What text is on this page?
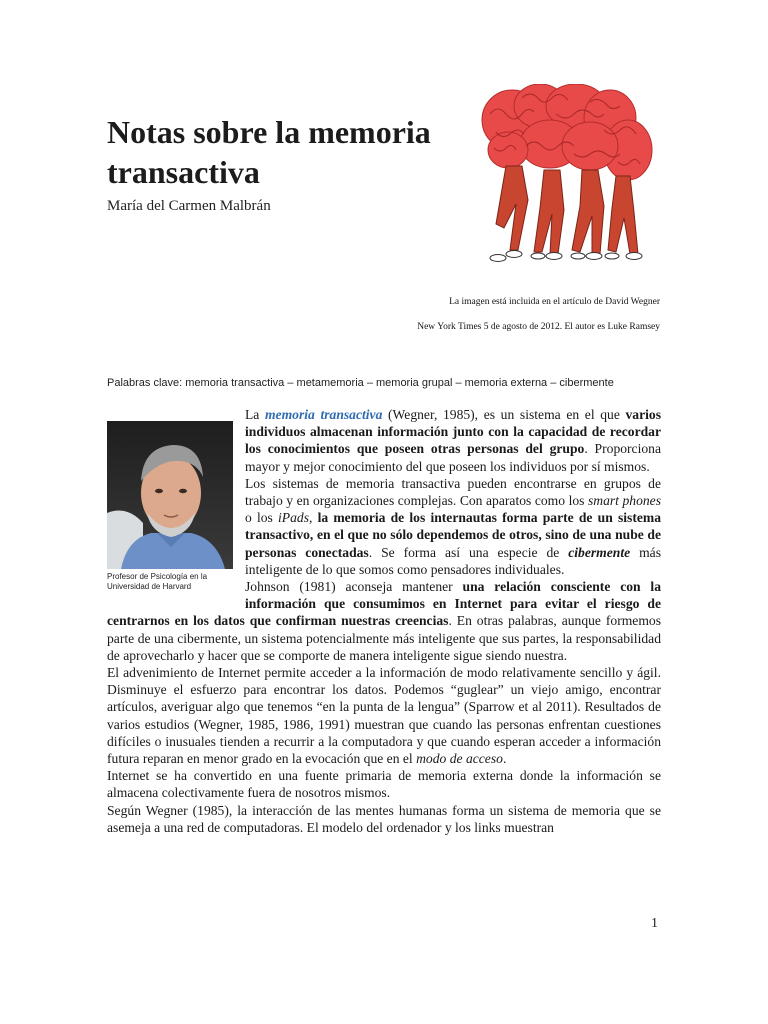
Notas sobre la memoria transactiva
María del Carmen Malbrán
La imagen está incluida en el artículo de David Wegner
New York Times 5 de agosto de 2012. El autor es Luke Ramsey
Palabras clave: memoria transactiva – metamemoria – memoria grupal – memoria externa – cibermente
Profesor de Psicología en la Universidad de Harvard

La memoria transactiva (Wegner, 1985), es un sistema en el que varios individuos almacenan información junto con la capacidad de recordar los conocimientos que poseen otras personas del grupo. Proporciona mayor y mejor conocimiento del que poseen los individuos por sí mismos.

Los sistemas de memoria transactiva pueden encontrarse en grupos de trabajo y en organizaciones complejas. Con aparatos como los smart phones o los iPads, la memoria de los internautas forma parte de un sistema transactivo, en el que no sólo dependemos de otros, sino de una nube de personas conectadas. Se forma así una especie de cibermente más inteligente de lo que somos como pensadores individuales.

Johnson (1981) aconseja mantener una relación consciente con la información que consumimos en Internet para evitar el riesgo de centrarnos en los datos que confirman nuestras creencias. En otras palabras, aunque formemos parte de una cibermente, un sistema potencialmente más inteligente que sus partes, la responsabilidad de aprovecharlo y hacer que se comporte de manera inteligente sigue siendo nuestra.

El advenimiento de Internet permite acceder a la información de modo relativamente sencillo y ágil. Disminuye el esfuerzo para encontrar los datos. Podemos “guglear” un viejo amigo, encontrar artículos, averiguar algo que tenemos “en la punta de la lengua” (Sparrow et al 2011). Resultados de varios estudios (Wegner, 1985, 1986, 1991) muestran que cuando las personas enfrentan cuestiones difíciles o inusuales tienden a recurrir a la computadora y que cuando esperan acceder a información futura reparan en menor grado en la evocación que en el modo de acceso.

Internet se ha convertido en una fuente primaria de memoria externa donde la información se almacena colectivamente fuera de nosotros mismos.

Según Wegner (1985), la interacción de las mentes humanas forma un sistema de memoria que se asemeja a una red de computadoras. El modelo del ordenador y los links muestran

1
